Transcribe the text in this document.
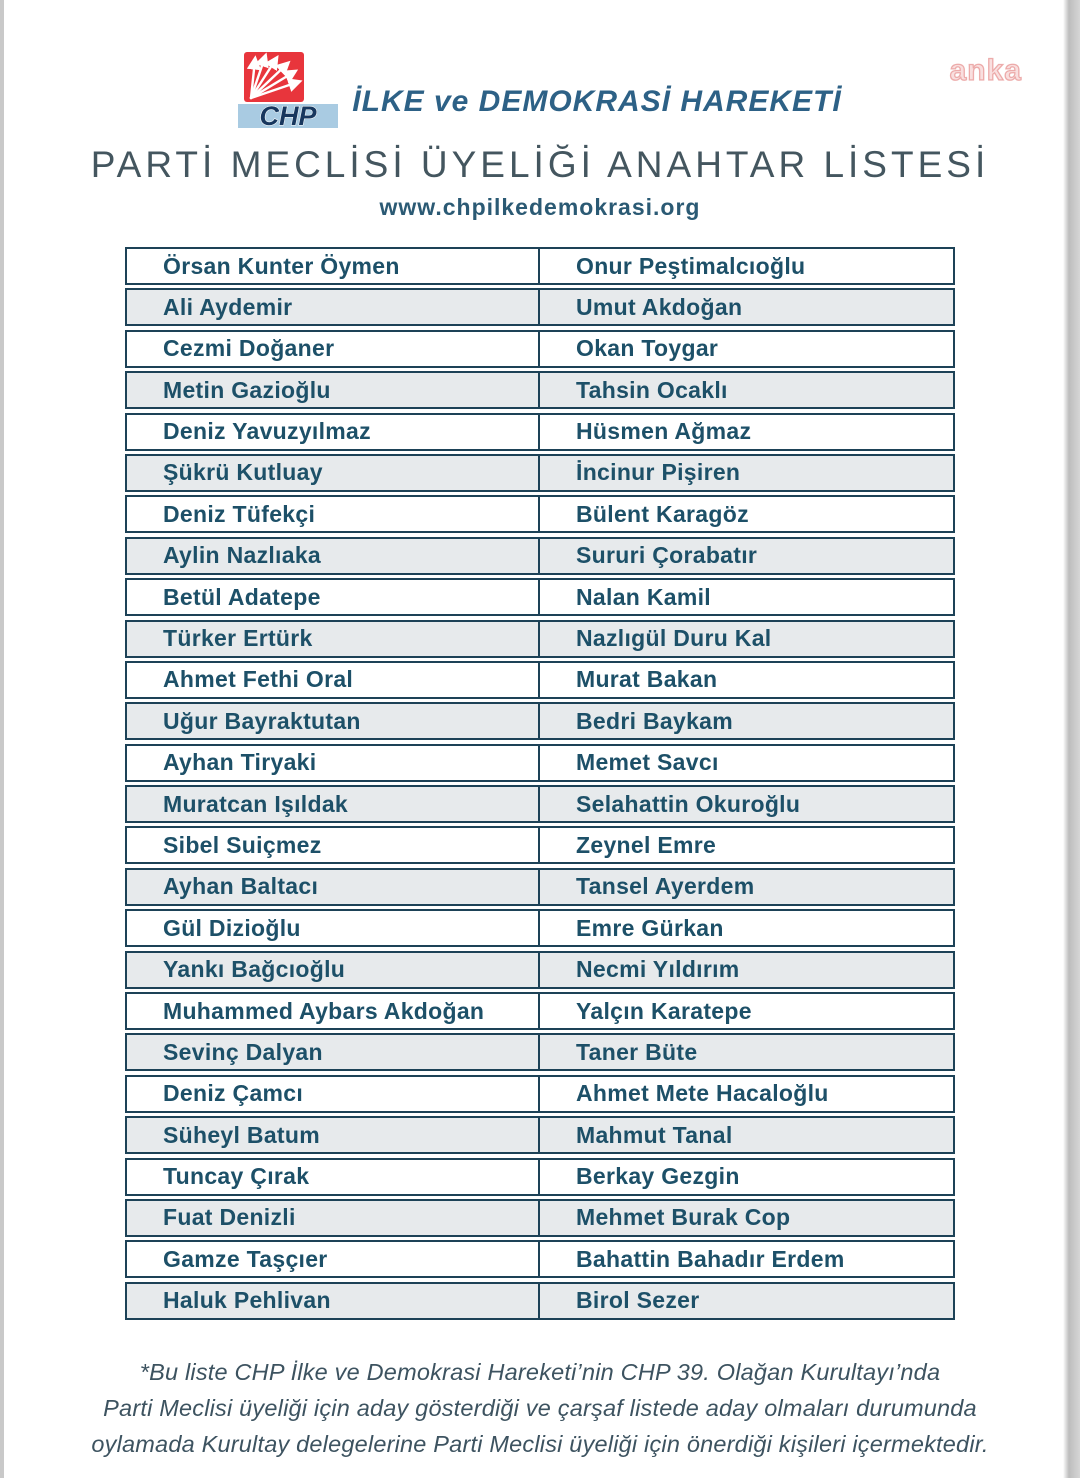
anka
CHP İLKE ve DEMOKRASİ HAREKETİ
PARTİ MECLİSİ ÜYELİĞİ ANAHTAR LİSTESİ
www.chpilkedemokrasi.org
Örsan Kunter Öymen	Onur Peştimalcıoğlu
Ali Aydemir	Umut Akdoğan
Cezmi Doğaner	Okan Toygar
Metin Gazioğlu	Tahsin Ocaklı
Deniz Yavuzyılmaz	Hüsmen Ağmaz
Şükrü Kutluay	İncinur Pişiren
Deniz Tüfekçi	Bülent Karagöz
Aylin Nazlıaka	Sururi Çorabatır
Betül Adatepe	Nalan Kamil
Türker Ertürk	Nazlıgül Duru Kal
Ahmet Fethi Oral	Murat Bakan
Uğur Bayraktutan	Bedri Baykam
Ayhan Tiryaki	Memet Savcı
Muratcan Işıldak	Selahattin Okuroğlu
Sibel Suiçmez	Zeynel Emre
Ayhan Baltacı	Tansel Ayerdem
Gül Dizioğlu	Emre Gürkan
Yankı Bağcıoğlu	Necmi Yıldırım
Muhammed Aybars Akdoğan	Yalçın Karatepe
Sevinç Dalyan	Taner Büte
Deniz Çamcı	Ahmet Mete Hacaloğlu
Süheyl Batum	Mahmut Tanal
Tuncay Çırak	Berkay Gezgin
Fuat Denizli	Mehmet Burak Cop
Gamze Taşçıer	Bahattin Bahadır Erdem
Haluk Pehlivan	Birol Sezer
*Bu liste CHP İlke ve Demokrasi Hareketi’nin CHP 39. Olağan Kurultayı’nda
Parti Meclisi üyeliği için aday gösterdiği ve çarşaf listede aday olmaları durumunda
oylamada Kurultay delegelerine Parti Meclisi üyeliği için önerdiği kişileri içermektedir.
